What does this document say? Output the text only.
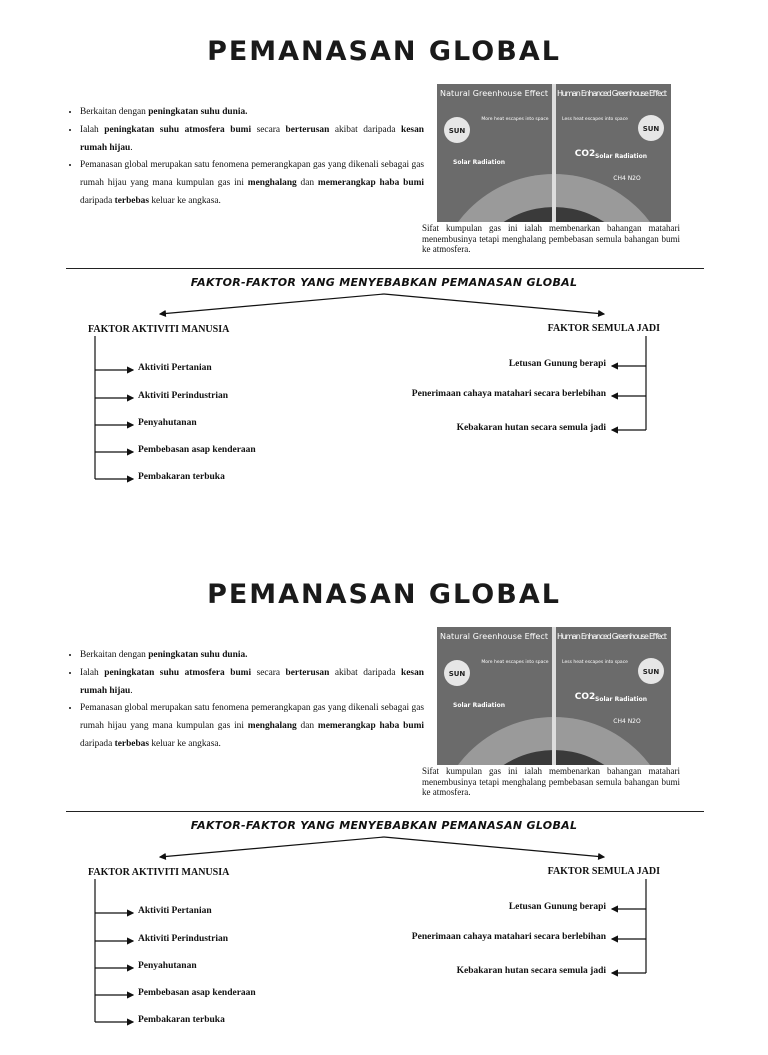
PEMANASAN GLOBAL
• Berkaitan dengan peningkatan suhu dunia.
• Ialah peningkatan suhu atmosfera bumi secara berterusan akibat daripada kesan rumah hijau.
• Pemanasan global merupakan satu fenomena pemerangkapan gas yang dikenali sebagai gas rumah hijau yang mana kumpulan gas ini menghalang dan memerangkap haba bumi daripada terbebas keluar ke angkasa.
Natural Greenhouse Effect Human Enhanced Greenhouse Effect
SUN	SUN
More heat escapes into space	Less heat escapes into space
Solar Radiation
Solar Radiation
CO2
CH4 N2O
Sifat kumpulan gas ini ialah membenarkan bahangan matahari menembusinya tetapi menghalang pembebasan semula bahangan bumi ke atmosfera.
FAKTOR-FAKTOR YANG MENYEBABKAN PEMANASAN GLOBAL
FAKTOR AKTIVITI MANUSIA	FAKTOR SEMULA JADI
Aktiviti Pertanian
Aktiviti Perindustrian
Penyahutanan
Pembebasan asap kenderaan
Pembakaran terbuka
Letusan Gunung berapi
Penerimaan cahaya matahari secara berlebihan
Kebakaran hutan secara semula jadi
PEMANASAN GLOBAL
• Berkaitan dengan peningkatan suhu dunia.
• Ialah peningkatan suhu atmosfera bumi secara berterusan akibat daripada kesan rumah hijau.
• Pemanasan global merupakan satu fenomena pemerangkapan gas yang dikenali sebagai gas rumah hijau yang mana kumpulan gas ini menghalang dan memerangkap haba bumi daripada terbebas keluar ke angkasa.
Natural Greenhouse Effect Human Enhanced Greenhouse Effect
SUN	SUN
More heat escapes into space	Less heat escapes into space
Solar Radiation
Solar Radiation
CO2
CH4 N2O
Sifat kumpulan gas ini ialah membenarkan bahangan matahari menembusinya tetapi menghalang pembebasan semula bahangan bumi ke atmosfera.
FAKTOR-FAKTOR YANG MENYEBABKAN PEMANASAN GLOBAL
FAKTOR AKTIVITI MANUSIA	FAKTOR SEMULA JADI
Aktiviti Pertanian
Aktiviti Perindustrian
Penyahutanan
Pembebasan asap kenderaan
Pembakaran terbuka
Letusan Gunung berapi
Penerimaan cahaya matahari secara berlebihan
Kebakaran hutan secara semula jadi
